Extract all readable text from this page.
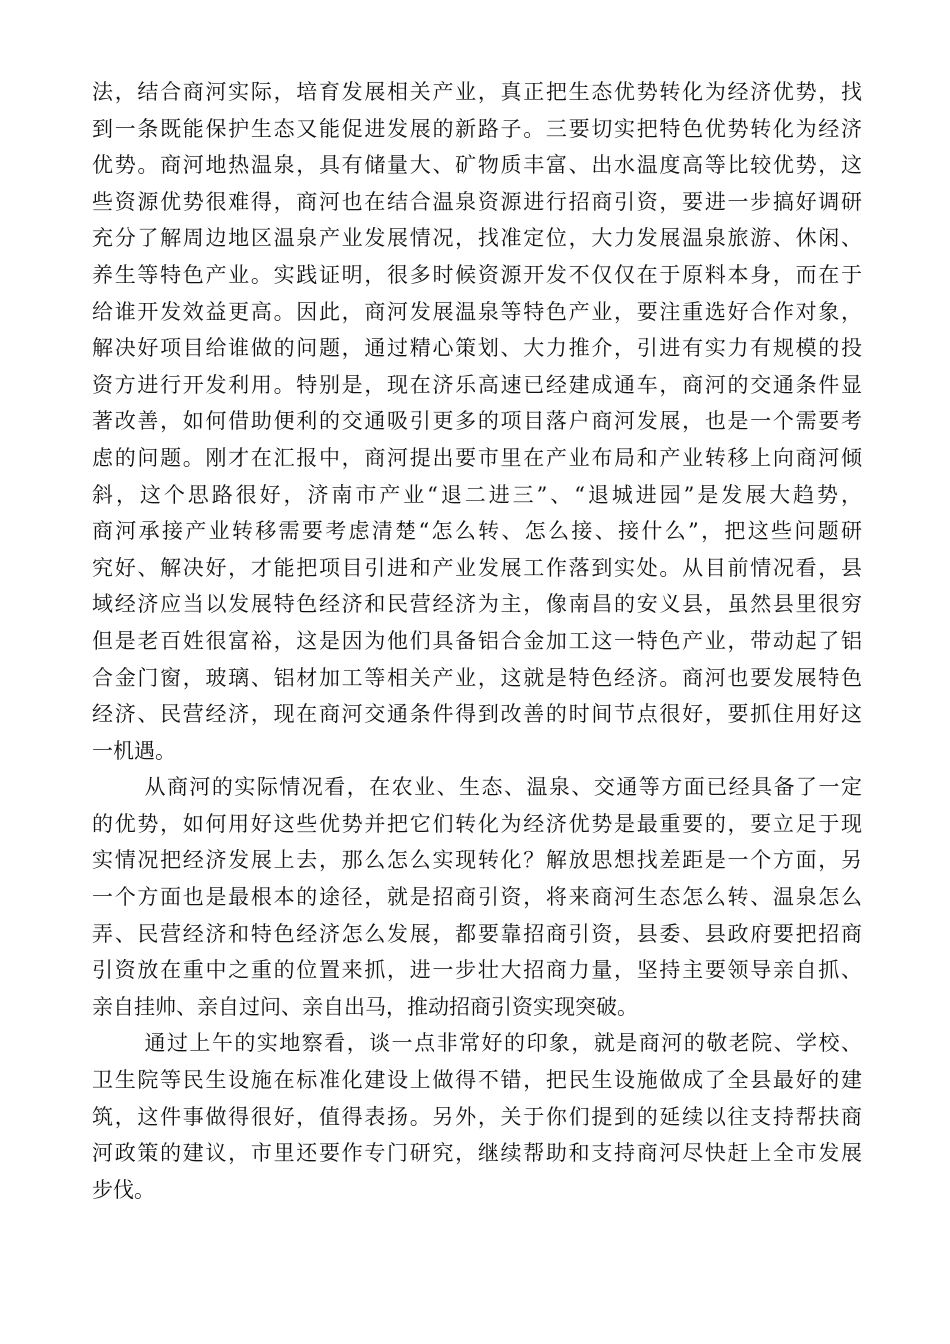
法，结合商河实际，培育发展相关产业，真正把生态优势转化为经济优势，找
到一条既能保护生态又能促进发展的新路子。三要切实把特色优势转化为经济
优势。商河地热温泉，具有储量大、矿物质丰富、出水温度高等比较优势，这
些资源优势很难得，商河也在结合温泉资源进行招商引资，要进一步搞好调研
充分了解周边地区温泉产业发展情况，找准定位，大力发展温泉旅游、休闲、
养生等特色产业。实践证明，很多时候资源开发不仅仅在于原料本身，而在于
给谁开发效益更高。因此，商河发展温泉等特色产业，要注重选好合作对象，
解决好项目给谁做的问题，通过精心策划、大力推介，引进有实力有规模的投
资方进行开发利用。特别是，现在济乐高速已经建成通车，商河的交通条件显
著改善，如何借助便利的交通吸引更多的项目落户商河发展，也是一个需要考
虑的问题。刚才在汇报中，商河提出要市里在产业布局和产业转移上向商河倾
斜，这个思路很好，济南市产业“退二进三”、“退城进园”是发展大趋势，
商河承接产业转移需要考虑清楚“怎么转、怎么接、接什么”，把这些问题研
究好、解决好，才能把项目引进和产业发展工作落到实处。从目前情况看，县
域经济应当以发展特色经济和民营经济为主，像南昌的安义县，虽然县里很穷
但是老百姓很富裕，这是因为他们具备铝合金加工这一特色产业，带动起了铝
合金门窗，玻璃、铝材加工等相关产业，这就是特色经济。商河也要发展特色
经济、民营经济，现在商河交通条件得到改善的时间节点很好，要抓住用好这
一机遇。
从商河的实际情况看，在农业、生态、温泉、交通等方面已经具备了一定
的优势，如何用好这些优势并把它们转化为经济优势是最重要的，要立足于现
实情况把经济发展上去，那么怎么实现转化？解放思想找差距是一个方面，另
一个方面也是最根本的途径，就是招商引资，将来商河生态怎么转、温泉怎么
弄、民营经济和特色经济怎么发展，都要靠招商引资，县委、县政府要把招商
引资放在重中之重的位置来抓，进一步壮大招商力量，坚持主要领导亲自抓、
亲自挂帅、亲自过问、亲自出马，推动招商引资实现突破。
通过上午的实地察看，谈一点非常好的印象，就是商河的敬老院、学校、
卫生院等民生设施在标准化建设上做得不错，把民生设施做成了全县最好的建
筑，这件事做得很好，值得表扬。另外，关于你们提到的延续以往支持帮扶商
河政策的建议，市里还要作专门研究，继续帮助和支持商河尽快赶上全市发展
步伐。
